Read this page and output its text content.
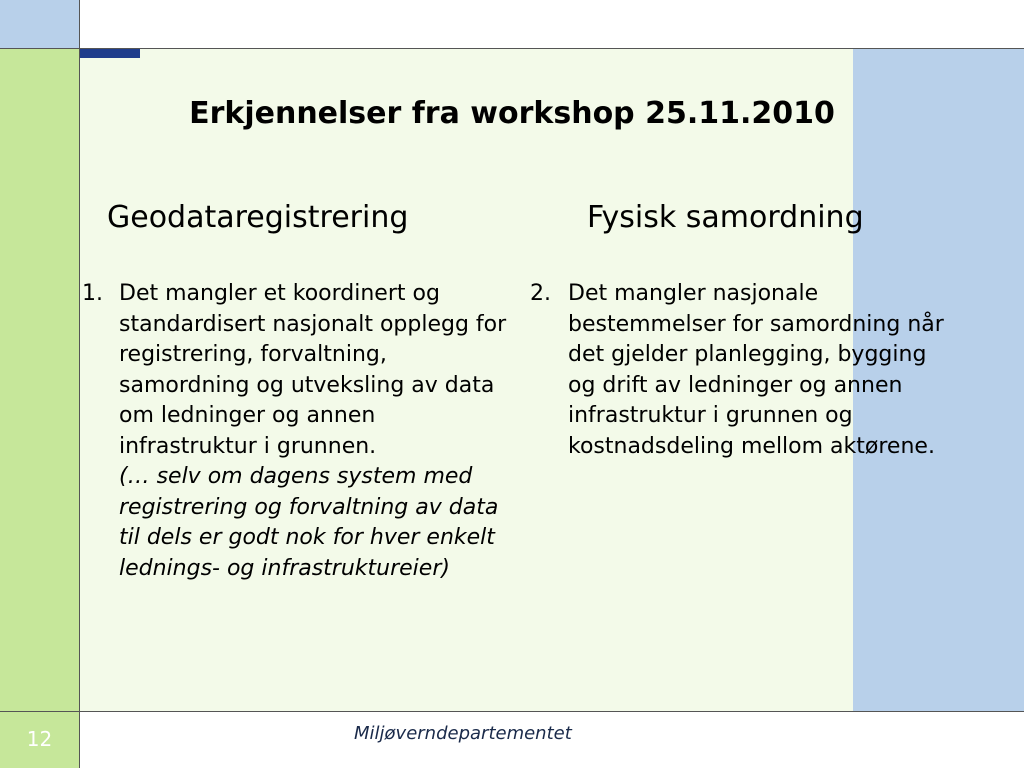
Erkjennelser fra workshop 25.11.2010
Geodataregistrering	Fysisk samordning
1. Det mangler et koordinert og standardisert nasjonalt opplegg for registrering, forvaltning, samordning og utveksling av data om ledninger og annen infrastruktur i grunnen.
(… selv om dagens system med registrering og forvaltning av data til dels er godt nok for hver enkelt lednings- og infrastruktureier)
2. Det mangler nasjonale bestemmelser for samordning når det gjelder planlegging, bygging og drift av ledninger og annen infrastruktur i grunnen og kostnadsdeling mellom aktørene.
Miljøverndepartementet
12
